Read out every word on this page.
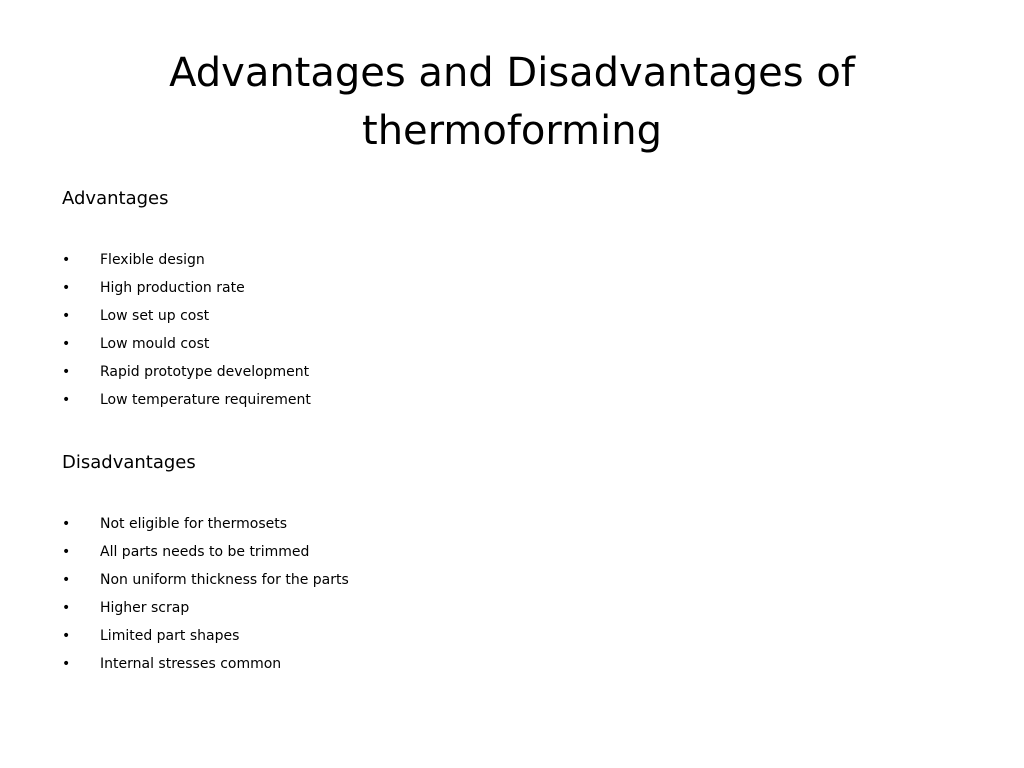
Advantages and Disadvantages of thermoforming
Advantages
• Flexible design
• High production rate
• Low set up cost
• Low mould cost
• Rapid prototype development
• Low temperature requirement
Disadvantages
• Not eligible for thermosets
• All parts needs to be trimmed
• Non uniform thickness for the parts
• Higher scrap
• Limited part shapes
• Internal stresses common
